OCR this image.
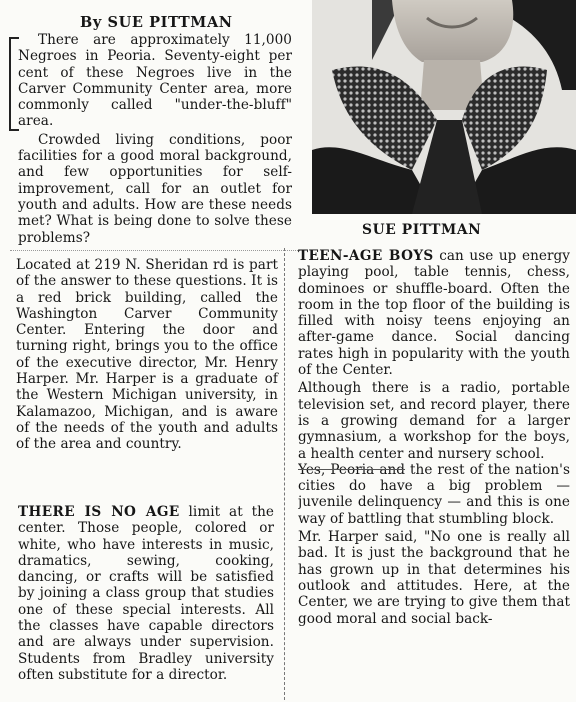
By SUE PITTMAN

There are approximately 11,000 Negroes in Peoria. Seventy-eight per cent of these Negroes live in the Carver Community Center area, more commonly called "under-the-bluff" area.

Crowded living conditions, poor facilities for a good moral background, and few opportunities for self-improvement, call for an outlet for youth and adults. How are these needs met? What is being done to solve these problems?	SUE PITTMAN

Located at 219 N. Sheridan rd is part of the answer to these questions. It is a red brick building, called the Washington Carver Community Center. Entering the door and turning right, brings you to the office of the executive director, Mr. Henry Harper. Mr. Harper is a graduate of the Western Michigan university, in Kalamazoo, Michigan, and is aware of the needs of the youth and adults of the area and country.

THERE IS NO AGE limit at the center. Those people, colored or white, who have interests in music, dramatics, sewing, cooking, dancing, or crafts will be satisfied by joining a class group that studies one of these special interests. All the classes have capable directors and are always under supervision. Students from Bradley university often substitute for a director.

TEEN-AGE BOYS can use up energy playing pool, table tennis, chess, dominoes or shuffle-board. Often the room in the top floor of the building is filled with noisy teens enjoying an after-game dance. Social dancing rates high in popularity with the youth of the Center.

Although there is a radio, portable television set, and record player, there is a growing demand for a larger gymnasium, a workshop for the boys, a health center and nursery school.

Yes, Peoria and the rest of the nation's cities do have a big problem — juvenile delinquency — and this is one way of battling that stumbling block.

Mr. Harper said, "No one is really all bad. It is just the background that he has grown up in that determines his outlook and attitudes. Here, at the Center, we are trying to give them that good moral and social back-
